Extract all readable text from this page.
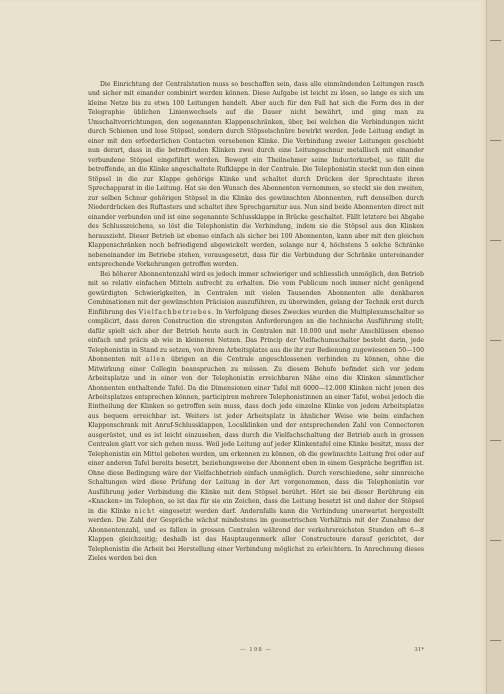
Die Einrichtung der Centralstation muss so beschaffen sein, dass alle einmündenden Leitungen rasch und sicher mit einander combinirt werden können. Diese Aufgabe ist leicht zu lösen, so lange es sich um kleine Netze bis zu etwa 100 Leitungen handelt. Aber auch für den Fall hat sich die Form des in der Telegraphie üblichen Linienwechsels auf die Dauer nicht bewährt, und ging man zu Umschaltvorrichtungen, den sogenannten Klappenschränken, über, bei welchen die Verbindungen nicht durch Schienen und lose Stöpsel, sondern durch Stöpselschnüre bewirkt werden. Jede Leitung endigt in einer mit den erforderlichen Contacten versehenen Klinke. Die Verbindung zweier Leitungen geschieht nun derart, dass in die betreffenden Klinken zwei durch eine Leitungsschnur metallisch mit einander verbundene Stöpsel eingeführt werden. Bewegt ein Theilnehmer seine Inductorkurbel, so fällt die betreffende, an die Klinke angeschaltete Rufklappe in der Centrale. Die Telephonistin steckt nun den einen Stöpsel in die zur Klappe gehörige Klinke und schaltet durch Drücken der Sprechtaste ihren Sprechapparat in die Leitung. Hat sie den Wunsch des Abonnenten vernommen, so steckt sie den zweiten, zur selben Schnur gehörigen Stöpsel in die Klinke des gewünschten Abonnenten, ruft denselben durch Niederdrücken des Ruftasters und schaltet ihre Sprechgarnitur aus. Nun sind beide Abonnenten direct mit einander verbunden und ist eine sogenannte Schlussklappe in Brücke geschaltet. Fällt letztere bei Abgabe des Schlusszeichens, so löst die Telephonistin die Verbindung, indem sie die Stöpsel aus den Klinken herauszieht. Dieser Betrieb ist ebenso einfach als sicher bei 100 Abonnenten, kann aber mit den gleichen Klappenschränken noch befriedigend abgewickelt werden, solange nur 4, höchstens 5 solche Schränke nebeneinander im Betriebe stehen, vorausgesetzt, dass für die Verbindung der Schränke untereinander entsprechende Vorkehrungen getroffen werden.

Bei höherer Abonnentenzahl wird es jedoch immer schwieriger und schliesslich unmöglich, den Betrieb mit so relativ einfachen Mitteln aufrecht zu erhalten. Die vom Publicum noch immer nicht genügend gewürdigten Schwierigkeiten, in Centralen mit vielen Tausenden Abonnenten alle denkbaren Combinationen mit der gewünschten Präcision auszuführen, zu überwinden, gelang der Technik erst durch Einführung des Vielfachbetriebes. In Verfolgung dieses Zweckes wurden die Multiplexumschalter so complicirt, dass deren Construction die strengsten Anforderungen an die technische Ausführung stellt; dafür spielt sich aber der Betrieb heute auch in Centralen mit 10.000 und mehr Anschlüssen ebenso einfach und präcis ab wie in kleineren Netzen. Das Princip der Vielfachumschalter besteht darin, jede Telephonistin in Stand zu setzen, von ihrem Arbeitsplatze aus die ihr zur Bedienung zugewiesenen 50—100 Abonnenten mit allen übrigen an die Centrale angeschlossenen verbinden zu können, ohne die Mitwirkung einer Collegin beanspruchen zu müssen. Zu diesem Behufe befindet sich vor jedem Arbeitsplatze und in einer von der Telephonistin erreichbaren Nähe eine die Klinken sämmtlicher Abonnenten enthaltende Tafel. Da die Dimensionen einer Tafel mit 6000—12.000 Klinken nicht jenen des Arbeitsplatzes entsprechen können, participiren mehrere Telephonistinnen an einer Tafel, wobei jedoch die Eintheilung der Klinken so getroffen sein muss, dass doch jede einzelne Klinke von jedem Arbeitsplatze aus bequem erreichbar ist. Weiters ist jeder Arbeitsplatz in ähnlicher Weise wie beim einfachen Klappenschrank mit Anruf-Schlussklappen, Localklinken und der entsprechenden Zahl von Connectoren ausgerüstet, und es ist leicht einzusehen, dass durch die Vielfachschaltung der Betrieb auch in grossen Centralen glatt vor sich gehen muss. Weil jede Leitung auf jeder Klinkentafel eine Klinke besitzt, muss der Telephonistin ein Mittel geboten werden, um erkennen zu können, ob die gewünschte Leitung frei oder auf einer anderen Tafel bereits besetzt, beziehungsweise der Abonnent eben in einem Gespräche begriffen ist. Ohne diese Bedingung wäre der Vielfachbetrieb einfach unmöglich. Durch verschiedene, sehr sinnreiche Schaltungen wird diese Prüfung der Leitung in der Art vorgenommen, dass die Telephonistin vor Ausführung jeder Verbindung die Klinke mit dem Stöpsel berührt. Hört sie bei dieser Berührung ein «Knacken» im Telephon, so ist das für sie ein Zeichen, dass die Leitung besetzt ist und daher der Stöpsel in die Klinke nicht eingesetzt werden darf. Andernfalls kann die Verbindung unerwartet hergestellt werden. Die Zahl der Gespräche wächst mindestens im geometrischen Verhältnis mit der Zunahme der Abonnentenzahl, und es fallen in grossen Centralen während der verkehrsreichsten Stunden oft 6—8 Klappen gleichzeitig; deshalb ist das Hauptaugenmerk aller Constructeure darauf gerichtet, der Telephonistin die Arbeit bei Herstellung einer Verbindung möglichst zu erleichtern. In Anrechnung dieses Zieles werden bei den

— 198 —	31*
